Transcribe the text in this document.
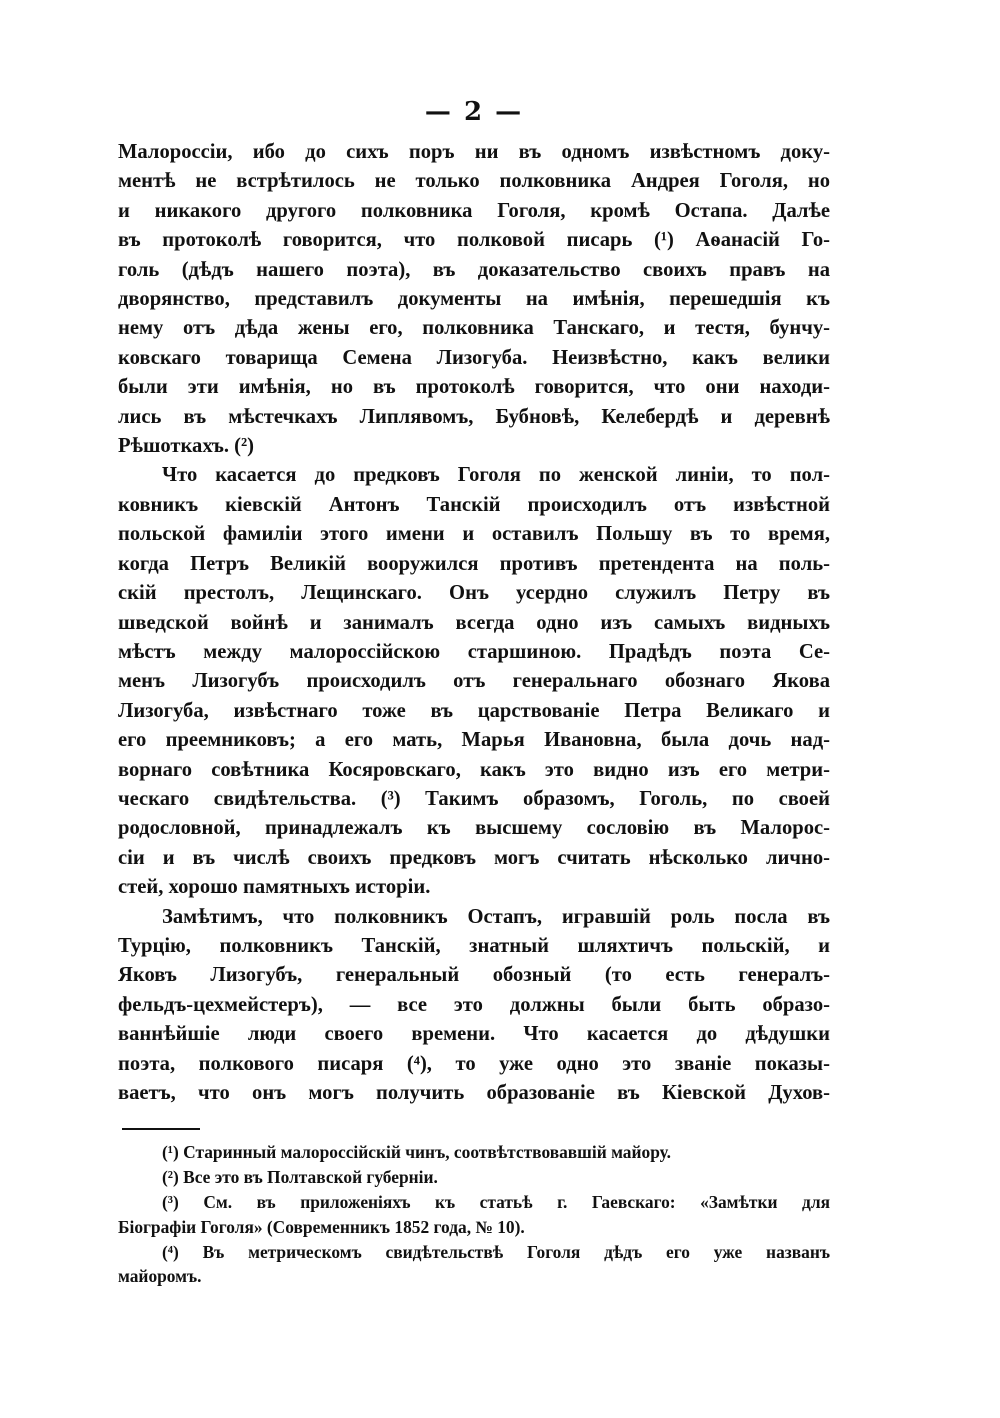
— 2 —
Малороссіи, ибо до сихъ поръ ни въ одномъ извѣстномъ доку-
ментѣ не встрѣтилось не только полковника Андрея Гоголя, но
и никакого другого полковника Гоголя, кромѣ Остапа. Далѣе
въ протоколѣ говорится, что полковой писарь (¹) Аѳанасій Го-
голь (дѣдъ нашего поэта), въ доказательство своихъ правъ на
дворянство, представилъ документы на имѣнія, перешедшія къ
нему отъ дѣда жены его, полковника Танскаго, и тестя, бунчу-
ковскаго товарища Семена Лизогуба. Неизвѣстно, какъ велики
были эти имѣнія, но въ протоколѣ говорится, что они находи-
лись въ мѣстечкахъ Липлявомъ, Бубновѣ, Келебердѣ и деревнѣ
Рѣшоткахъ. (²)
Что касается до предковъ Гоголя по женской линіи, то пол-
ковникъ кіевскій Антонъ Танскій происходилъ отъ извѣстной
польской фамиліи этого имени и оставилъ Польшу въ то время,
когда Петръ Великій вооружился противъ претендента на поль-
скій престолъ, Лещинскаго. Онъ усердно служилъ Петру въ
шведской войнѣ и занималъ всегда одно изъ самыхъ видныхъ
мѣстъ между малороссійскою старшиною. Прадѣдъ поэта Се-
менъ Лизогубъ происходилъ отъ генеральнаго обознаго Якова
Лизогуба, извѣстнаго тоже въ царствованіе Петра Великаго и
его преемниковъ; а его мать, Марья Ивановна, была дочь над-
ворнаго совѣтника Косяровскаго, какъ это видно изъ его метри-
ческаго свидѣтельства. (³) Такимъ образомъ, Гоголь, по своей
родословной, принадлежалъ къ высшему сословію въ Малорос-
сіи и въ числѣ своихъ предковъ могъ считать нѣсколько лично-
стей, хорошо памятныхъ исторіи.
Замѣтимъ, что полковникъ Остапъ, игравшій роль посла въ
Турцію, полковникъ Танскій, знатный шляхтичъ польскій, и
Яковъ Лизогубъ, генеральный обозный (то есть генералъ-
фельдъ-цехмейстеръ), — все это должны были быть образо-
ваннѣйшіе люди своего времени. Что касается до дѣдушки
поэта, полкового писаря (⁴), то уже одно это званіе показы-
ваетъ, что онъ могъ получить образованіе въ Кіевской Духов-
(¹) Старинный малороссійскій чинъ, соотвѣтствовавшій майору.
(²) Все это въ Полтавской губерніи.
(³) См. въ приложеніяхъ къ статьѣ г. Гаевскаго: «Замѣтки для
Біографіи Гоголя» (Современникъ 1852 года, № 10).
(⁴) Въ метрическомъ свидѣтельствѣ Гоголя дѣдъ его уже названъ
майоромъ.
